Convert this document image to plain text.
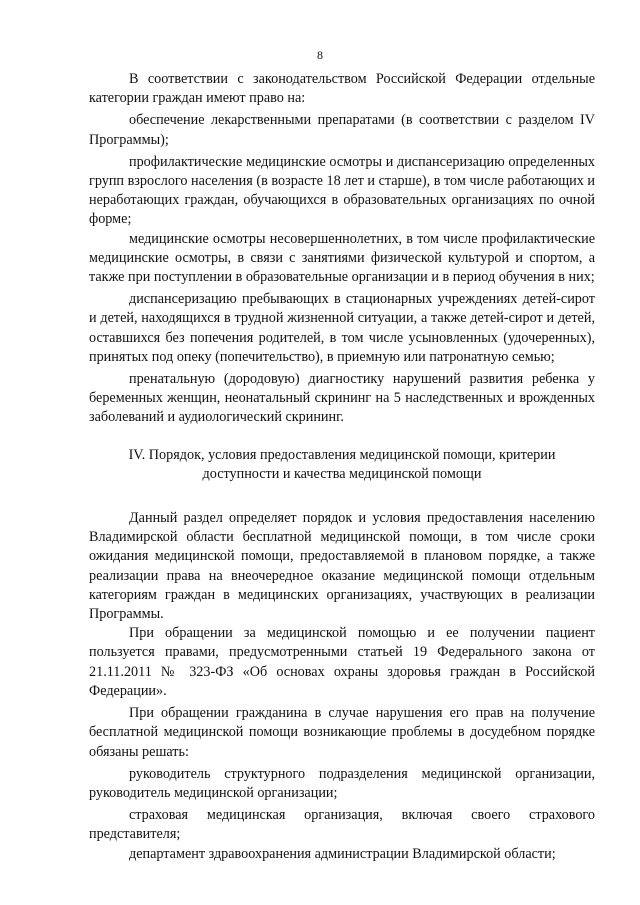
8

В соответствии с законодательством Российской Федерации отдельные категории граждан имеют право на:

обеспечение лекарственными препаратами (в соответствии с разделом IV Программы);

профилактические медицинские осмотры и диспансеризацию определенных групп взрослого населения (в возрасте 18 лет и старше), в том числе работающих и неработающих граждан, обучающихся в образовательных организациях по очной форме;

медицинские осмотры несовершеннолетних, в том числе профилактические медицинские осмотры, в связи с занятиями физической культурой и спортом, а также при поступлении в образовательные организации и в период обучения в них;

диспансеризацию пребывающих в стационарных учреждениях детей-сирот и детей, находящихся в трудной жизненной ситуации, а также детей-сирот и детей, оставшихся без попечения родителей, в том числе усыновленных (удочеренных), принятых под опеку (попечительство), в приемную или патронатную семью;

пренатальную (дородовую) диагностику нарушений развития ребенка у беременных женщин, неонатальный скрининг на 5 наследственных и врожденных заболеваний и аудиологический скрининг.

IV. Порядок, условия предоставления медицинской помощи, критерии
доступности и качества медицинской помощи

Данный раздел определяет порядок и условия предоставления населению Владимирской области бесплатной медицинской помощи, в том числе сроки ожидания медицинской помощи, предоставляемой в плановом порядке, а также реализации права на внеочередное оказание медицинской помощи отдельным категориям граждан в медицинских организациях, участвующих в реализации Программы.

При обращении за медицинской помощью и ее получении пациент пользуется правами, предусмотренными статьей 19 Федерального закона от 21.11.2011 № 323-ФЗ «Об основах охраны здоровья граждан в Российской Федерации».

При обращении гражданина в случае нарушения его прав на получение бесплатной медицинской помощи возникающие проблемы в досудебном порядке обязаны решать:

руководитель структурного подразделения медицинской организации, руководитель медицинской организации;

страховая медицинская организация, включая своего страхового представителя;

департамент здравоохранения администрации Владимирской области;
